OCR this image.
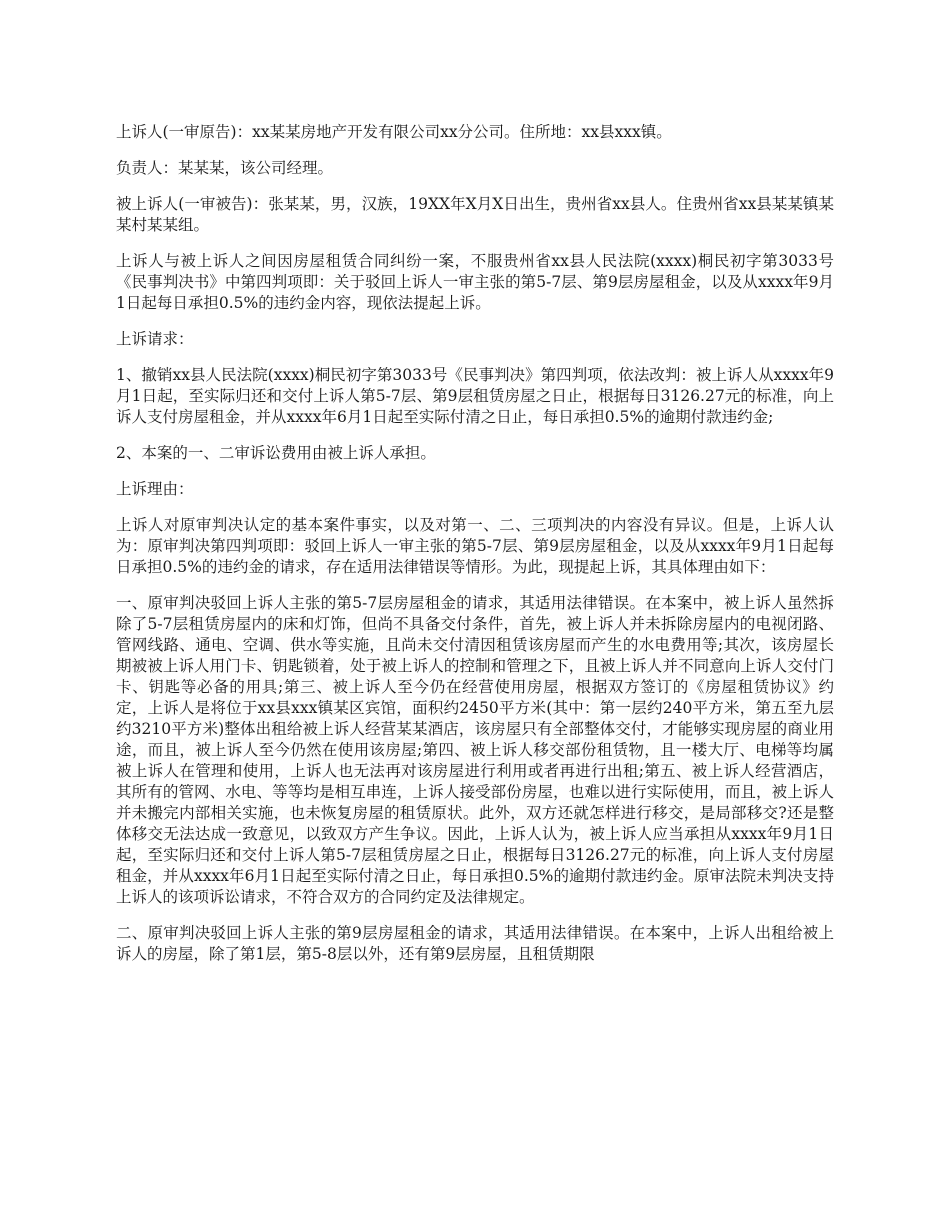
上诉人(一审原告)：xx某某房地产开发有限公司xx分公司。住所地：xx县xxx镇。

负责人：某某某，该公司经理。

被上诉人(一审被告)：张某某，男，汉族，19XX年X月X日出生，贵州省xx县人。住贵州省xx县某某镇某某村某某组。

上诉人与被上诉人之间因房屋租赁合同纠纷一案，不服贵州省xx县人民法院(xxxx)桐民初字第3033号《民事判决书》中第四判项即：关于驳回上诉人一审主张的第5-7层、第9层房屋租金，以及从xxxx年9月1日起每日承担0.5%的违约金内容，现依法提起上诉。

上诉请求：

1、撤销xx县人民法院(xxxx)桐民初字第3033号《民事判决》第四判项，依法改判：被上诉人从xxxx年9月1日起，至实际归还和交付上诉人第5-7层、第9层租赁房屋之日止，根据每日3126.27元的标准，向上诉人支付房屋租金，并从xxxx年6月1日起至实际付清之日止，每日承担0.5%的逾期付款违约金;

2、本案的一、二审诉讼费用由被上诉人承担。

上诉理由：

上诉人对原审判决认定的基本案件事实，以及对第一、二、三项判决的内容没有异议。但是，上诉人认为：原审判决第四判项即：驳回上诉人一审主张的第5-7层、第9层房屋租金，以及从xxxx年9月1日起每日承担0.5%的违约金的请求，存在适用法律错误等情形。为此，现提起上诉，其具体理由如下：

一、原审判决驳回上诉人主张的第5-7层房屋租金的请求，其适用法律错误。在本案中，被上诉人虽然拆除了5-7层租赁房屋内的床和灯饰，但尚不具备交付条件，首先，被上诉人并未拆除房屋内的电视闭路、管网线路、通电、空调、供水等实施，且尚未交付清因租赁该房屋而产生的水电费用等;其次，该房屋长期被被上诉人用门卡、钥匙锁着，处于被上诉人的控制和管理之下，且被上诉人并不同意向上诉人交付门卡、钥匙等必备的用具;第三、被上诉人至今仍在经营使用房屋，根据双方签订的《房屋租赁协议》约定，上诉人是将位于xx县xxx镇某区宾馆，面积约2450平方米(其中：第一层约240平方米，第五至九层约3210平方米)整体出租给被上诉人经营某某酒店，该房屋只有全部整体交付，才能够实现房屋的商业用途，而且，被上诉人至今仍然在使用该房屋;第四、被上诉人移交部份租赁物，且一楼大厅、电梯等均属被上诉人在管理和使用，上诉人也无法再对该房屋进行利用或者再进行出租;第五、被上诉人经营酒店，其所有的管网、水电、等等均是相互串连，上诉人接受部份房屋，也难以进行实际使用，而且，被上诉人并未搬完内部相关实施，也未恢复房屋的租赁原状。此外，双方还就怎样进行移交，是局部移交?还是整体移交无法达成一致意见，以致双方产生争议。因此，上诉人认为，被上诉人应当承担从xxxx年9月1日起，至实际归还和交付上诉人第5-7层租赁房屋之日止，根据每日3126.27元的标准，向上诉人支付房屋租金，并从xxxx年6月1日起至实际付清之日止，每日承担0.5%的逾期付款违约金。原审法院未判决支持上诉人的该项诉讼请求，不符合双方的合同约定及法律规定。

二、原审判决驳回上诉人主张的第9层房屋租金的请求，其适用法律错误。在本案中，上诉人出租给被上诉人的房屋，除了第1层，第5-8层以外，还有第9层房屋，且租赁期限
